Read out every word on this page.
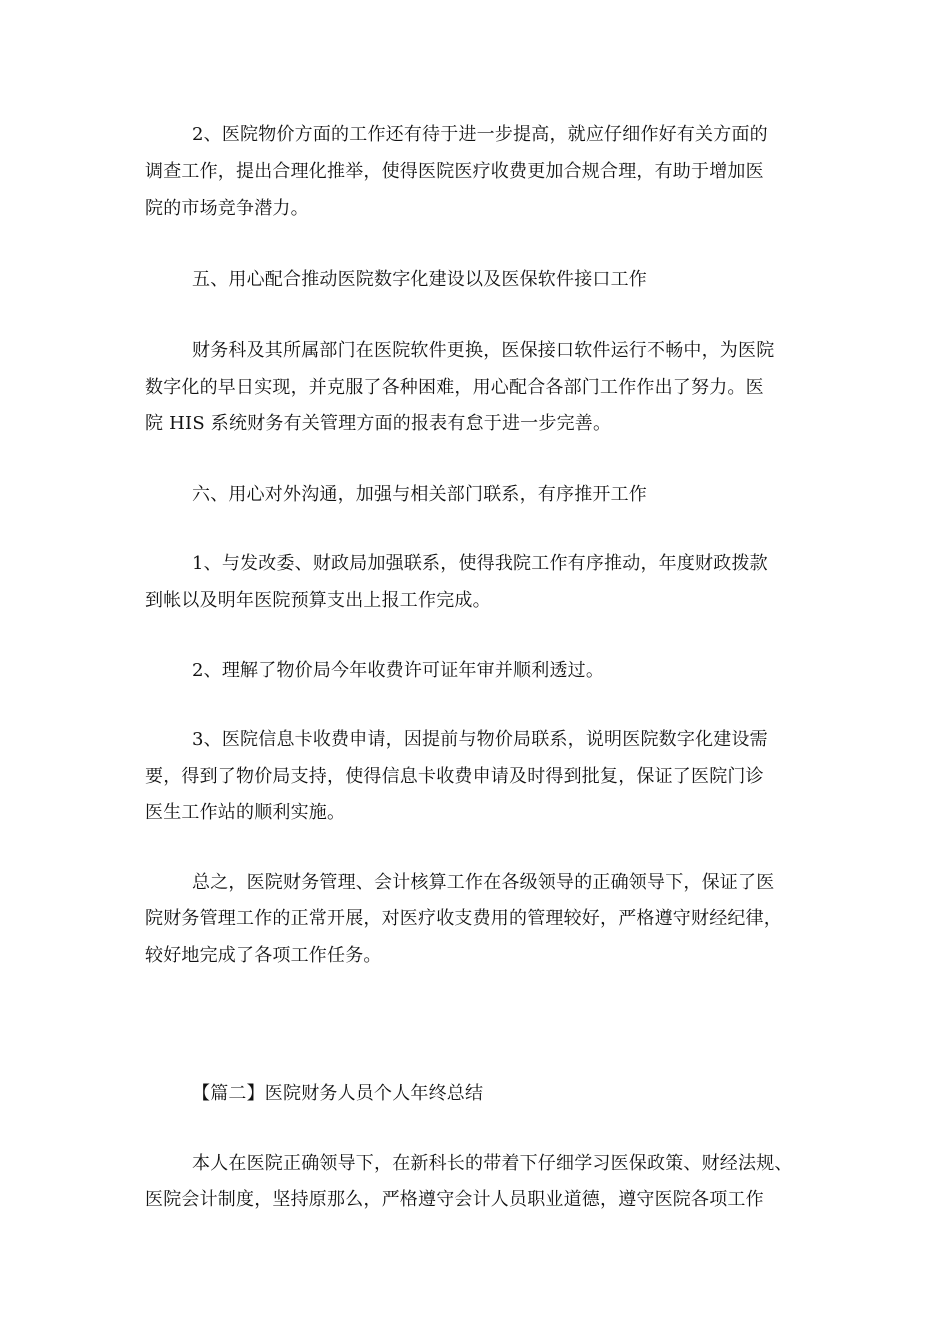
2、医院物价方面的工作还有待于进一步提高，就应仔细作好有关方面的
调查工作，提出合理化推举，使得医院医疗收费更加合规合理，有助于增加医
院的市场竞争潜力。
五、用心配合推动医院数字化建设以及医保软件接口工作
财务科及其所属部门在医院软件更换，医保接口软件运行不畅中，为医院
数字化的早日实现，并克服了各种困难，用心配合各部门工作作出了努力。医
院 HIS 系统财务有关管理方面的报表有怠于进一步完善。
六、用心对外沟通，加强与相关部门联系，有序推开工作
1、与发改委、财政局加强联系，使得我院工作有序推动，年度财政拨款
到帐以及明年医院预算支出上报工作完成。
2、理解了物价局今年收费许可证年审并顺利透过。
3、医院信息卡收费申请，因提前与物价局联系，说明医院数字化建设需
要，得到了物价局支持，使得信息卡收费申请及时得到批复，保证了医院门诊
医生工作站的顺利实施。
总之，医院财务管理、会计核算工作在各级领导的正确领导下，保证了医
院财务管理工作的正常开展，对医疗收支费用的管理较好，严格遵守财经纪律，
较好地完成了各项工作任务。
【篇二】医院财务人员个人年终总结
本人在医院正确领导下，在新科长的带着下仔细学习医保政策、财经法规、
医院会计制度，坚持原那么，严格遵守会计人员职业道德，遵守医院各项工作
